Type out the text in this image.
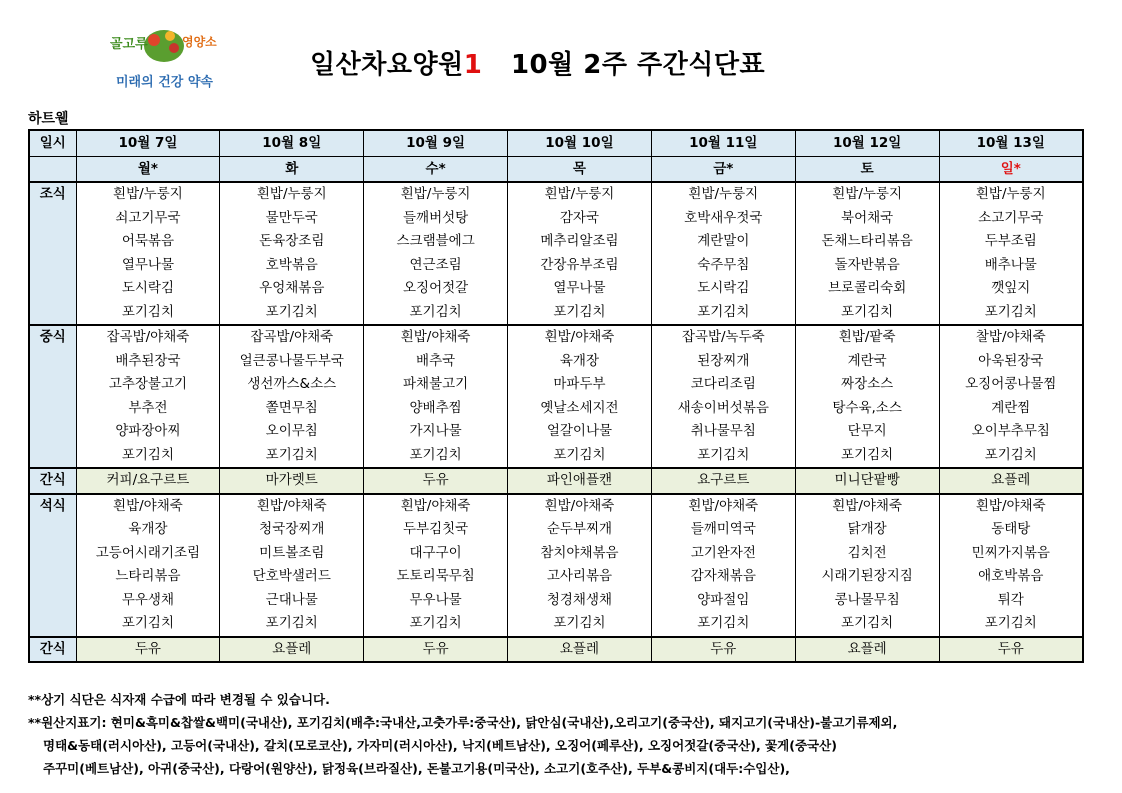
골고루	영양소
미래의 건강 약속
일산차요양원1 10월 2주 주간식단표
하트웰
일시	10월 7일	10월 8일	10월 9일	10월 10일	10월 11일	10월 12일	10월 13일
	월*	화	수*	목	금*	토	일*
조식	흰밥/누룽지	흰밥/누룽지	흰밥/누룽지	흰밥/누룽지	흰밥/누룽지	흰밥/누룽지	흰밥/누룽지
	쇠고기무국	물만두국	들깨버섯탕	감자국	호박새우젓국	북어채국	소고기무국
	어묵볶음	돈육장조림	스크램블에그	메추리알조림	계란말이	돈채느타리볶음	두부조림
	열무나물	호박볶음	연근조림	간장유부조림	숙주무침	돌자반볶음	배추나물
	도시락김	우엉채볶음	오징어젓갈	열무나물	도시락김	브로콜리숙회	깻잎지
	포기김치	포기김치	포기김치	포기김치	포기김치	포기김치	포기김치
중식	잡곡밥/야채죽	잡곡밥/야채죽	흰밥/야채죽	흰밥/야채죽	잡곡밥/녹두죽	흰밥/팥죽	찰밥/야채죽
	배추된장국	얼큰콩나물두부국	배추국	육개장	된장찌개	계란국	아욱된장국
	고추장불고기	생선까스&소스	파채불고기	마파두부	코다리조림	짜장소스	오징어콩나물찜
	부추전	쫄면무침	양배추찜	옛날소세지전	새송이버섯볶음	탕수육,소스	계란찜
	양파장아찌	오이무침	가지나물	얼갈이나물	취나물무침	단무지	오이부추무침
	포기김치	포기김치	포기김치	포기김치	포기김치	포기김치	포기김치
간식	커피/요구르트	마가렛트	두유	파인애플캔	요구르트	미니단팥빵	요플레
석식	흰밥/야채죽	흰밥/야채죽	흰밥/야채죽	흰밥/야채죽	흰밥/야채죽	흰밥/야채죽	흰밥/야채죽
	육개장	청국장찌개	두부김칫국	순두부찌개	들깨미역국	닭개장	동태탕
	고등어시래기조림	미트볼조림	대구구이	참치야채볶음	고기완자전	김치전	민찌가지볶음
	느타리볶음	단호박샐러드	도토리묵무침	고사리볶음	감자채볶음	시래기된장지짐	애호박볶음
	무우생채	근대나물	무우나물	청경채생채	양파절임	콩나물무침	튀각
	포기김치	포기김치	포기김치	포기김치	포기김치	포기김치	포기김치
간식	두유	요플레	두유	요플레	두유	요플레	두유
**상기 식단은 식자재 수급에 따라 변경될 수 있습니다.
**원산지표기: 현미&흑미&찹쌀&백미(국내산), 포기김치(배추:국내산,고춧가루:중국산), 닭안심(국내산),오리고기(중국산), 돼지고기(국내산)-불고기류제외,
명태&동태(러시아산), 고등어(국내산), 갈치(모로코산), 가자미(러시아산), 낙지(베트남산), 오징어(페루산), 오징어젓갈(중국산), 꽃게(중국산)
주꾸미(베트남산), 아귀(중국산), 다랑어(원양산), 닭정육(브라질산), 돈불고기용(미국산), 소고기(호주산), 두부&콩비지(대두:수입산),
